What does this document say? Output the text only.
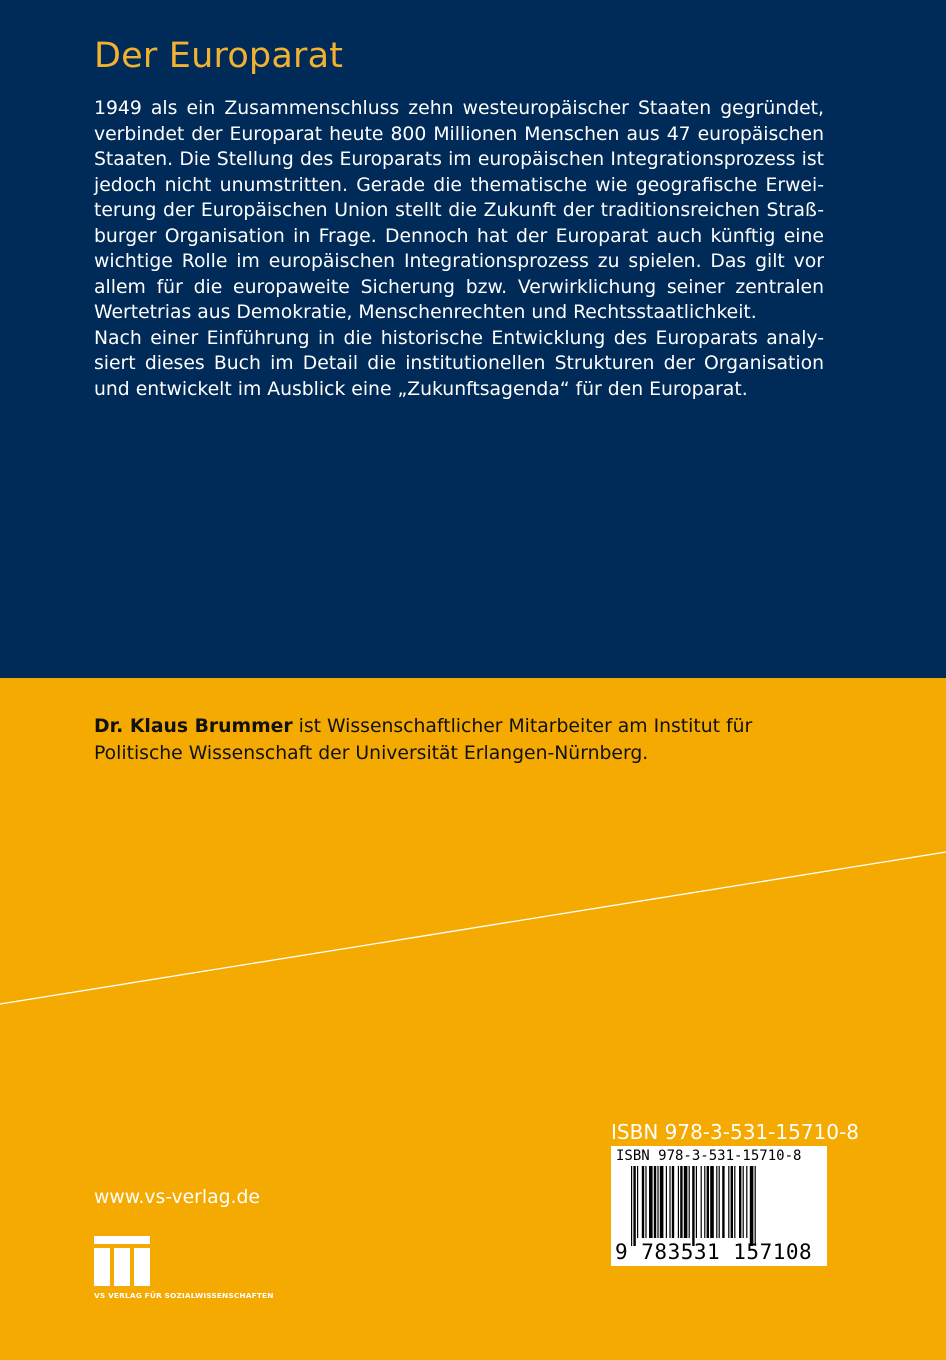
Der Europarat
1949 als ein Zusammenschluss zehn westeuropäischer Staaten gegründet,
verbindet der Europarat heute 800 Millionen Menschen aus 47 europäischen
Staaten. Die Stellung des Europarats im europäischen Integrationsprozess ist
jedoch nicht unumstritten. Gerade die thematische wie geografische Erwei-
terung der Europäischen Union stellt die Zukunft der traditionsreichen Straß-
burger Organisation in Frage. Dennoch hat der Europarat auch künftig eine
wichtige Rolle im europäischen Integrationsprozess zu spielen. Das gilt vor
allem für die europaweite Sicherung bzw. Verwirklichung seiner zentralen
Wertetrias aus Demokratie, Menschenrechten und Rechtsstaatlichkeit.
Nach einer Einführung in die historische Entwicklung des Europarats analy-
siert dieses Buch im Detail die institutionellen Strukturen der Organisation
und entwickelt im Ausblick eine „Zukunftsagenda“ für den Europarat.
Dr. Klaus Brummer ist Wissenschaftlicher Mitarbeiter am Institut für
Politische Wissenschaft der Universität Erlangen-Nürnberg.
ISBN 978-3-531-15710-8
ISBN 978-3-531-15710-8
9 783531 157108
www.vs-verlag.de
VS VERLAG FÜR SOZIALWISSENSCHAFTEN
